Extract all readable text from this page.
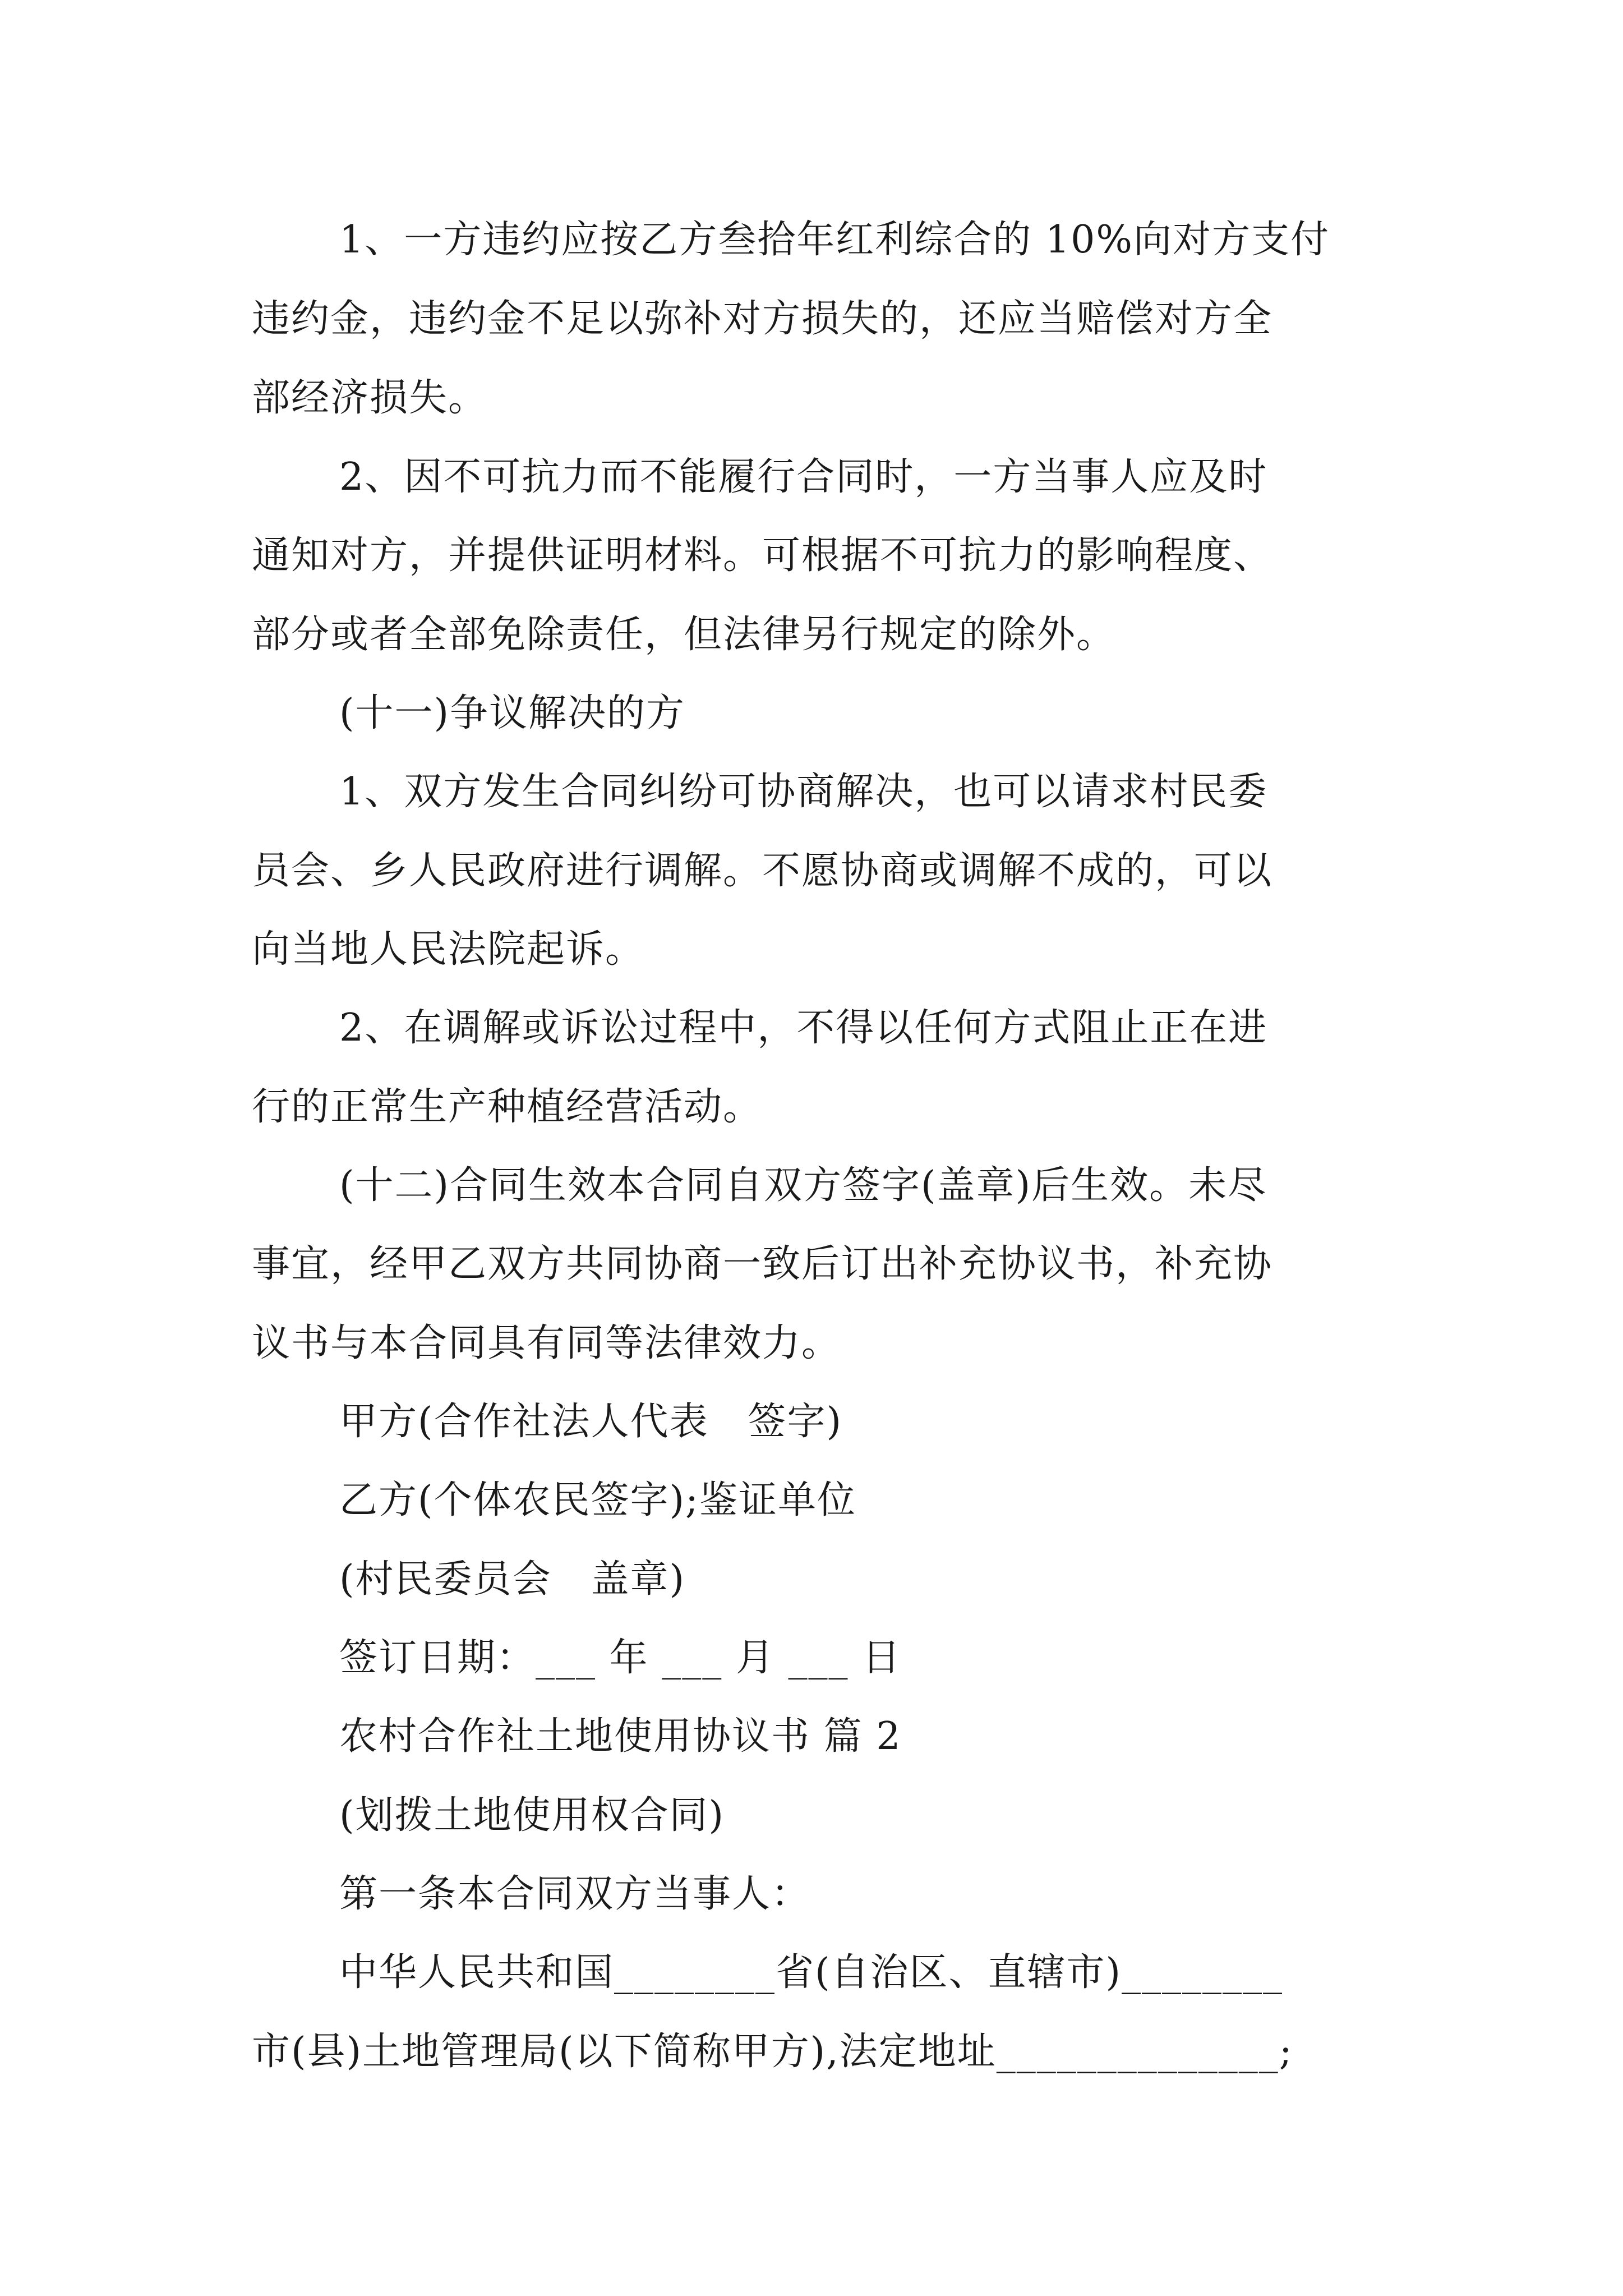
1、一方违约应按乙方叁拾年红利综合的 10%向对方支付
违约金，违约金不足以弥补对方损失的，还应当赔偿对方全
部经济损失。
2、因不可抗力而不能履行合同时，一方当事人应及时
通知对方，并提供证明材料。可根据不可抗力的影响程度、
部分或者全部免除责任，但法律另行规定的除外。
(十一)争议解决的方
1、双方发生合同纠纷可协商解决，也可以请求村民委
员会、乡人民政府进行调解。不愿协商或调解不成的，可以
向当地人民法院起诉。
2、在调解或诉讼过程中，不得以任何方式阻止正在进
行的正常生产种植经营活动。
(十二)合同生效本合同自双方签字(盖章)后生效。未尽
事宜，经甲乙双方共同协商一致后订出补充协议书，补充协
议书与本合同具有同等法律效力。
甲方(合作社法人代表　签字)
乙方(个体农民签字);鉴证单位
(村民委员会　盖章)
签订日期：___ 年 ___ 月 ___ 日
农村合作社土地使用协议书 篇 2
(划拨土地使用权合同)
第一条本合同双方当事人：
中华人民共和国________省(自治区、直辖市)________
市(县)土地管理局(以下简称甲方),法定地址______________;
